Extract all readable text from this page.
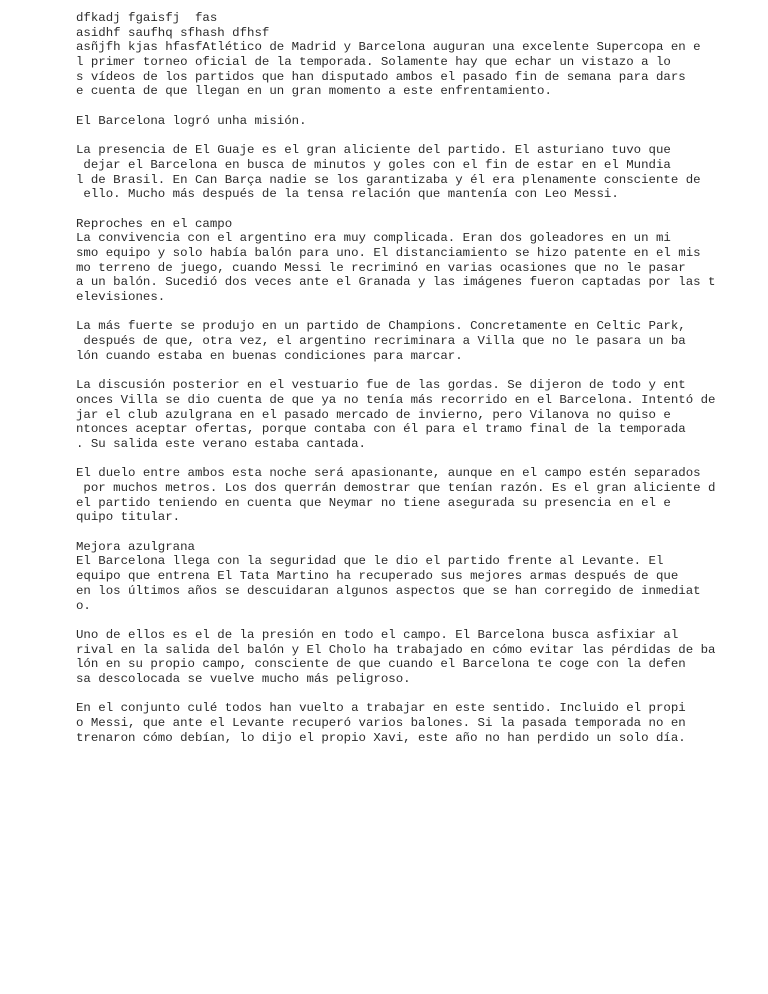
dfkadj fgaisfj  fas
asidhf saufhq sfhash dfhsf
asñjfh kjas hfasfAtlético de Madrid y Barcelona auguran una excelente Supercopa en e
l primer torneo oficial de la temporada. Solamente hay que echar un vistazo a lo
s vídeos de los partidos que han disputado ambos el pasado fin de semana para dars
e cuenta de que llegan en un gran momento a este enfrentamiento.
El Barcelona logró unha misión.
La presencia de El Guaje es el gran aliciente del partido. El asturiano tuvo que
dejar el Barcelona en busca de minutos y goles con el fin de estar en el Mundia
l de Brasil. En Can Barça nadie se los garantizaba y él era plenamente consciente de
ello. Mucho más después de la tensa relación que mantenía con Leo Messi.
Reproches en el campo
La convivencia con el argentino era muy complicada. Eran dos goleadores en un mi
smo equipo y solo había balón para uno. El distanciamiento se hizo patente en el mis
mo terreno de juego, cuando Messi le recriminó en varias ocasiones que no le pasar
a un balón. Sucedió dos veces ante el Granada y las imágenes fueron captadas por las t
elevisiones.
La más fuerte se produjo en un partido de Champions. Concretamente en Celtic Park,
después de que, otra vez, el argentino recriminara a Villa que no le pasara un ba
lón cuando estaba en buenas condiciones para marcar.
La discusión posterior en el vestuario fue de las gordas. Se dijeron de todo y ent
onces Villa se dio cuenta de que ya no tenía más recorrido en el Barcelona. Intentó de
jar el club azulgrana en el pasado mercado de invierno, pero Vilanova no quiso e
ntonces aceptar ofertas, porque contaba con él para el tramo final de la temporada
. Su salida este verano estaba cantada.
El duelo entre ambos esta noche será apasionante, aunque en el campo estén separados
por muchos metros. Los dos querrán demostrar que tenían razón. Es el gran aliciente d
el partido teniendo en cuenta que Neymar no tiene asegurada su presencia en el e
quipo titular.
Mejora azulgrana
El Barcelona llega con la seguridad que le dio el partido frente al Levante. El
equipo que entrena El Tata Martino ha recuperado sus mejores armas después de que
en los últimos años se descuidaran algunos aspectos que se han corregido de inmediat
o.
Uno de ellos es el de la presión en todo el campo. El Barcelona busca asfixiar al
rival en la salida del balón y El Cholo ha trabajado en cómo evitar las pérdidas de ba
lón en su propio campo, consciente de que cuando el Barcelona te coge con la defen
sa descolocada se vuelve mucho más peligroso.
En el conjunto culé todos han vuelto a trabajar en este sentido. Incluido el propi
o Messi, que ante el Levante recuperó varios balones. Si la pasada temporada no en
trenaron cómo debían, lo dijo el propio Xavi, este año no han perdido un solo día.
